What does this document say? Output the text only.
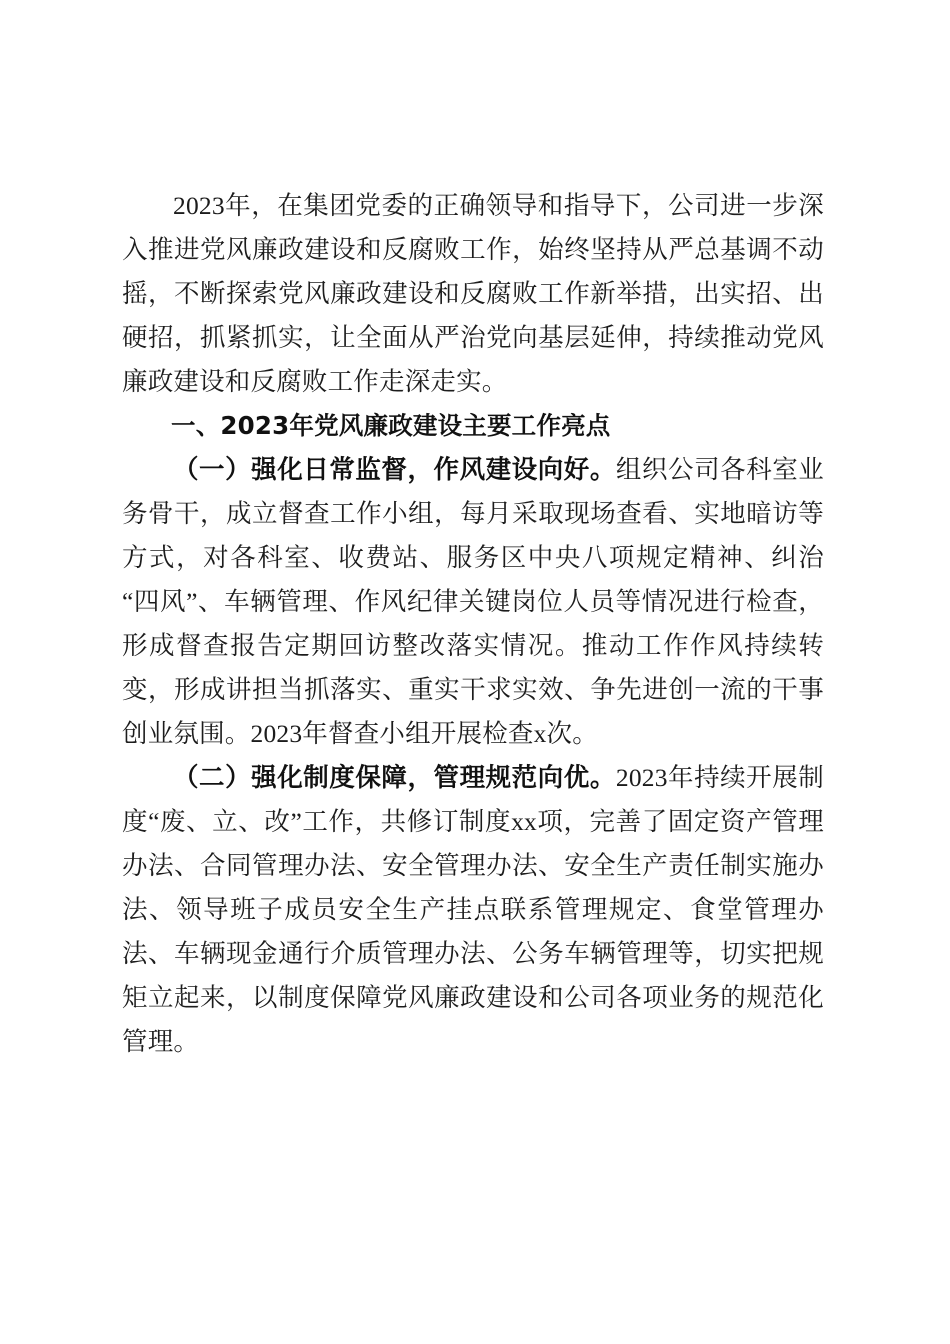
2023年，在集团党委的正确领导和指导下，公司进一步深入推进党风廉政建设和反腐败工作，始终坚持从严总基调不动摇，不断探索党风廉政建设和反腐败工作新举措，出实招、出硬招，抓紧抓实，让全面从严治党向基层延伸，持续推动党风廉政建设和反腐败工作走深走实。

一、2023年党风廉政建设主要工作亮点

（一）强化日常监督，作风建设向好。组织公司各科室业务骨干，成立督查工作小组，每月采取现场查看、实地暗访等方式，对各科室、收费站、服务区中央八项规定精神、纠治“四风”、车辆管理、作风纪律关键岗位人员等情况进行检查，形成督查报告定期回访整改落实情况。推动工作作风持续转变，形成讲担当抓落实、重实干求实效、争先进创一流的干事创业氛围。2023年督查小组开展检查x次。

（二）强化制度保障，管理规范向优。2023年持续开展制度“废、立、改”工作，共修订制度xx项，完善了固定资产管理办法、合同管理办法、安全管理办法、安全生产责任制实施办法、领导班子成员安全生产挂点联系管理规定、食堂管理办法、车辆现金通行介质管理办法、公务车辆管理等，切实把规矩立起来，以制度保障党风廉政建设和公司各项业务的规范化管理。
